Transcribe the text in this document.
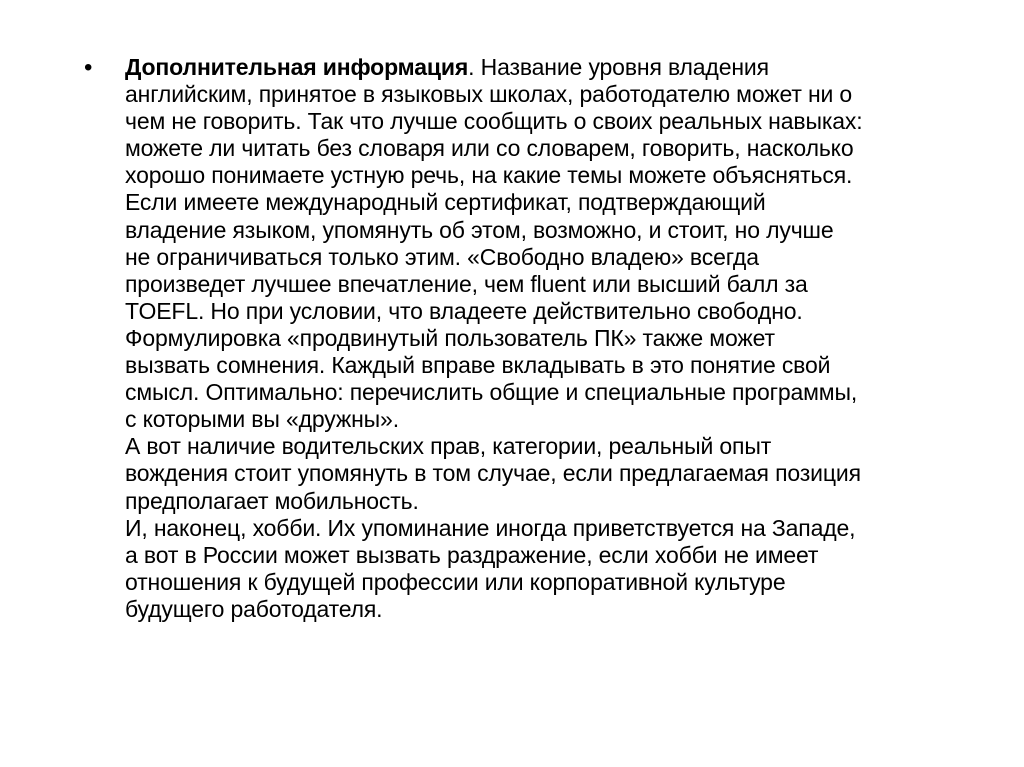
• Дополнительная информация. Название уровня владения
английским, принятое в языковых школах, работодателю может ни о
чем не говорить. Так что лучше сообщить о своих реальных навыках:
можете ли читать без словаря или со словарем, говорить, насколько
хорошо понимаете устную речь, на какие темы можете объясняться.
Если имеете международный сертификат, подтверждающий
владение языком, упомянуть об этом, возможно, и стоит, но лучше
не ограничиваться только этим. «Свободно владею» всегда
произведет лучшее впечатление, чем fluent или высший балл за
TOEFL. Но при условии, что владеете действительно свободно.
Формулировка «продвинутый пользователь ПК» также может
вызвать сомнения. Каждый вправе вкладывать в это понятие свой
смысл. Оптимально: перечислить общие и специальные программы,
с которыми вы «дружны».
А вот наличие водительских прав, категории, реальный опыт
вождения стоит упомянуть в том случае, если предлагаемая позиция
предполагает мобильность.
И, наконец, хобби. Их упоминание иногда приветствуется на Западе,
а вот в России может вызвать раздражение, если хобби не имеет
отношения к будущей профессии или корпоративной культуре
будущего работодателя.
